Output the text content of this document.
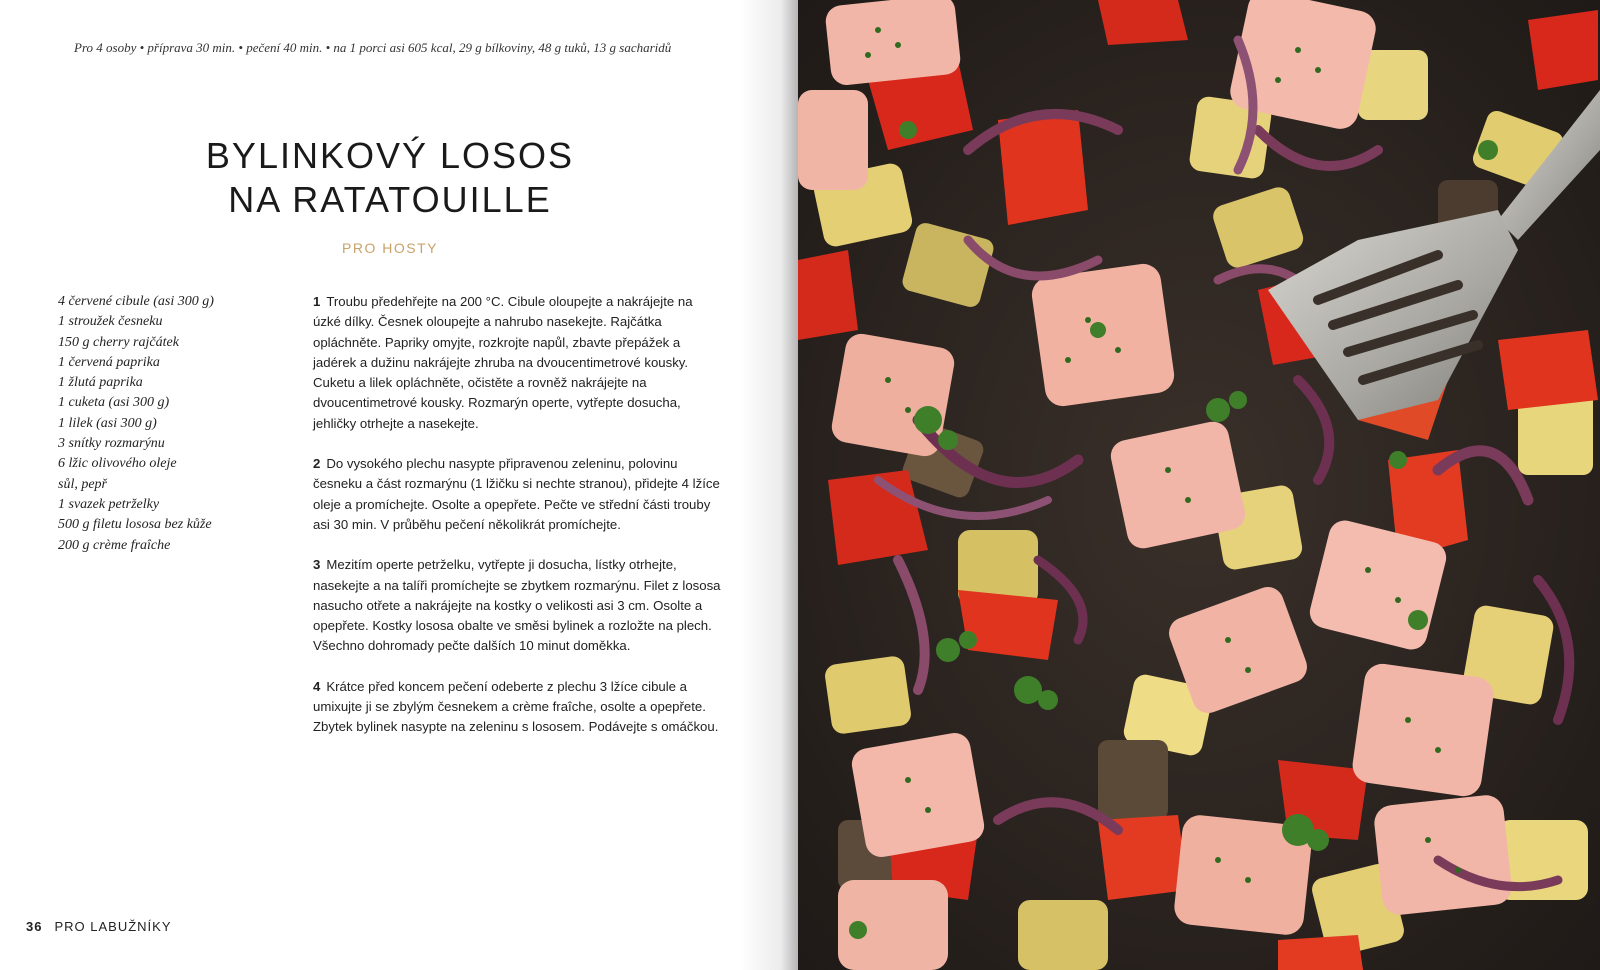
Pro 4 osoby • příprava 30 min. • pečení 40 min. • na 1 porci asi 605 kcal, 29 g bílkoviny, 48 g tuků, 13 g sacharidů
BYLINKOVÝ LOSOS
NA RATATOUILLE
PRO HOSTY
4 červené cibule (asi 300 g)
1 stroužek česneku
150 g cherry rajčátek
1 červená paprika
1 žlutá paprika
1 cuketa (asi 300 g)
1 lilek (asi 300 g)
3 snítky rozmarýnu
6 lžic olivového oleje
sůl, pepř
1 svazek petrželky
500 g filetu lososa bez kůže
200 g crème fraîche

1 Troubu předehřejte na 200 °C. Cibule oloupejte a nakrájejte na úzké dílky. Česnek oloupejte a nahrubo nasekejte. Rajčátka opláchněte. Papriky omyjte, rozkrojte napůl, zbavte přepážek a jadérek a dužinu nakrájejte zhruba na dvoucentimetrové kousky. Cuketu a lilek opláchněte, očistěte a rovněž nakrájejte na dvoucentimetrové kousky. Rozmarýn operte, vytřepte dosucha, jehličky otrhejte a nasekejte.

2 Do vysokého plechu nasypte připravenou zeleninu, polovinu česneku a část rozmarýnu (1 lžičku si nechte stranou), přidejte 4 lžíce oleje a promíchejte. Osolte a opepřete. Pečte ve střední části trouby asi 30 min. V průběhu pečení několikrát promíchejte.

3 Mezitím operte petrželku, vytřepte ji dosucha, lístky otrhejte, nasekejte a na talíři promíchejte se zbytkem rozmarýnu. Filet z lososa nasucho otřete a nakrájejte na kostky o velikosti asi 3 cm. Osolte a opepřete. Kostky lososa obalte ve směsi bylinek a rozložte na plech. Všechno dohromady pečte dalších 10 minut doměkka.

4 Krátce před koncem pečení odeberte z plechu 3 lžíce cibule a umixujte ji se zbylým česnekem a crème fraîche, osolte a opepřete. Zbytek bylinek nasypte na zeleninu s lososem. Podávejte s omáčkou.

36 PRO LABUŽNÍKY
